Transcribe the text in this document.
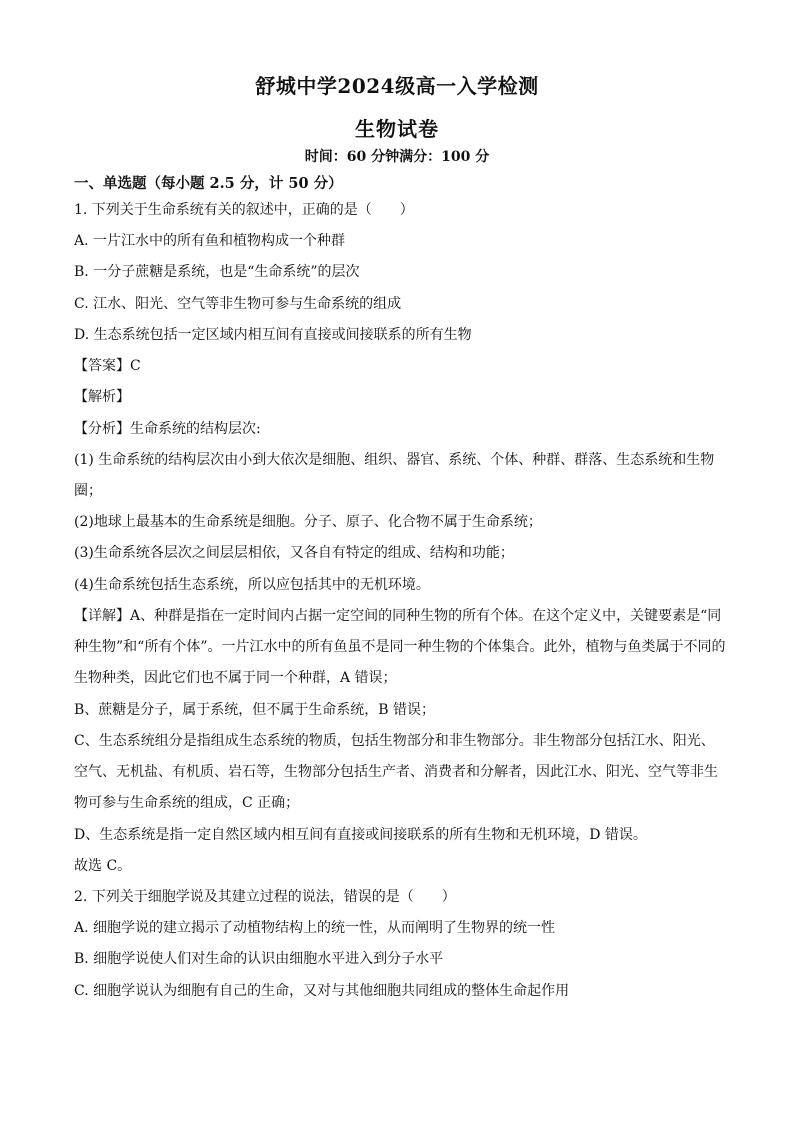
舒城中学2024级高一入学检测
生物试卷
时间：60 分钟满分：100 分
一、单选题（每小题 2.5 分，计 50 分）
1. 下列关于生命系统有关的叙述中，正确的是（　　）
A. 一片江水中的所有鱼和植物构成一个种群
B. 一分子蔗糖是系统，也是“生命系统”的层次
C. 江水、阳光、空气等非生物可参与生命系统的组成
D. 生态系统包括一定区域内相互间有直接或间接联系的所有生物
【答案】C
【解析】
【分析】生命系统的结构层次:
(1) 生命系统的结构层次由小到大依次是细胞、组织、器官、系统、个体、种群、群落、生态系统和生物
圈；
(2)地球上最基本的生命系统是细胞。分子、原子、化合物不属于生命系统；
(3)生命系统各层次之间层层相依，又各自有特定的组成、结构和功能；
(4)生命系统包括生态系统，所以应包括其中的无机环境。
【详解】A、种群是指在一定时间内占据一定空间的同种生物的所有个体。在这个定义中，关键要素是“同
种生物”和“所有个体”。一片江水中的所有鱼虽不是同一种生物的个体集合。此外，植物与鱼类属于不同的
生物种类，因此它们也不属于同一个种群，A 错误；
B、蔗糖是分子，属于系统，但不属于生命系统，B 错误；
C、生态系统组分是指组成生态系统的物质，包括生物部分和非生物部分。非生物部分包括江水、阳光、
空气、无机盐、有机质、岩石等，生物部分包括生产者、消费者和分解者，因此江水、阳光、空气等非生
物可参与生命系统的组成，C 正确；
D、生态系统是指一定自然区域内相互间有直接或间接联系的所有生物和无机环境，D 错误。
故选 C。
2. 下列关于细胞学说及其建立过程的说法，错误的是（　　）
A. 细胞学说的建立揭示了动植物结构上的统一性，从而阐明了生物界的统一性
B. 细胞学说使人们对生命的认识由细胞水平进入到分子水平
C. 细胞学说认为细胞有自己的生命，又对与其他细胞共同组成的整体生命起作用
